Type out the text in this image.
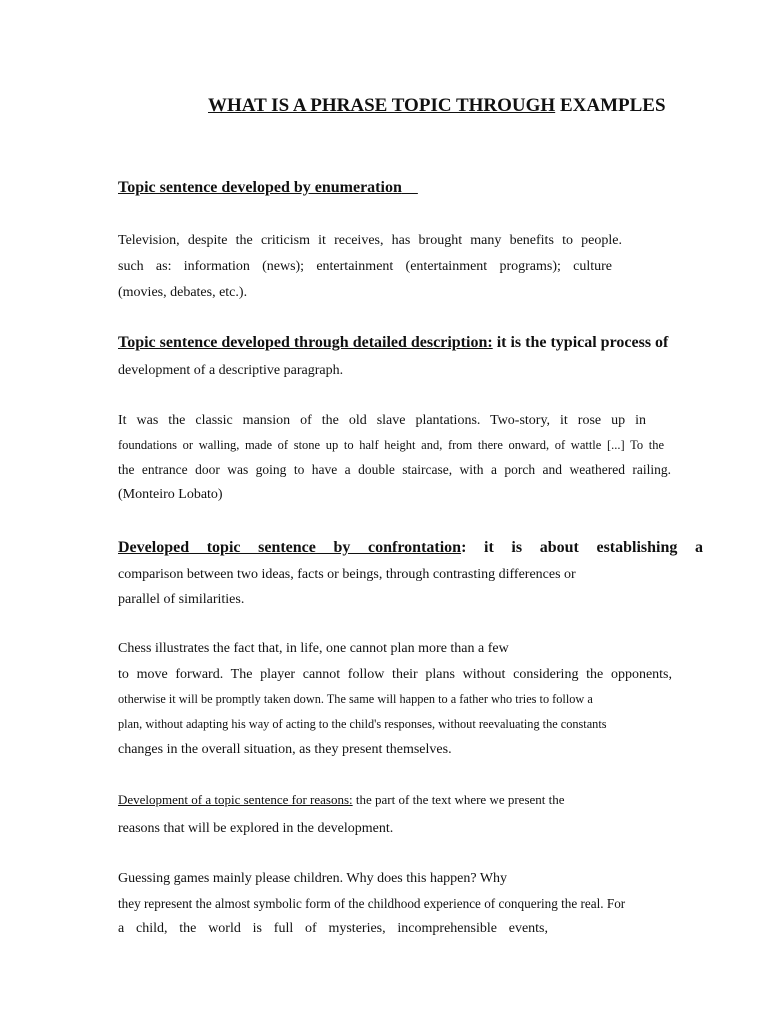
WHAT IS A PHRASE TOPIC THROUGH EXAMPLES
Topic sentence developed by enumeration
Television, despite the criticism it receives, has brought many benefits to people.
such as: information (news); entertainment (entertainment programs); culture
(movies, debates, etc.).
Topic sentence developed through detailed description: it is the typical process of
development of a descriptive paragraph.
It was the classic mansion of the old slave plantations. Two-story, it rose up in
foundations or walling, made of stone up to half height and, from there onward, of wattle [...] To the
the entrance door was going to have a double staircase, with a porch and weathered railing.
(Monteiro Lobato)
Developed topic sentence by confrontation: it is about establishing a
comparison between two ideas, facts or beings, through contrasting differences or
parallel of similarities.
Chess illustrates the fact that, in life, one cannot plan more than a few
to move forward. The player cannot follow their plans without considering the opponents,
otherwise it will be promptly taken down. The same will happen to a father who tries to follow a
plan, without adapting his way of acting to the child's responses, without reevaluating the constants
changes in the overall situation, as they present themselves.
Development of a topic sentence for reasons: the part of the text where we present the
reasons that will be explored in the development.
Guessing games mainly please children. Why does this happen? Why
they represent the almost symbolic form of the childhood experience of conquering the real. For
a child, the world is full of mysteries, incomprehensible events,
